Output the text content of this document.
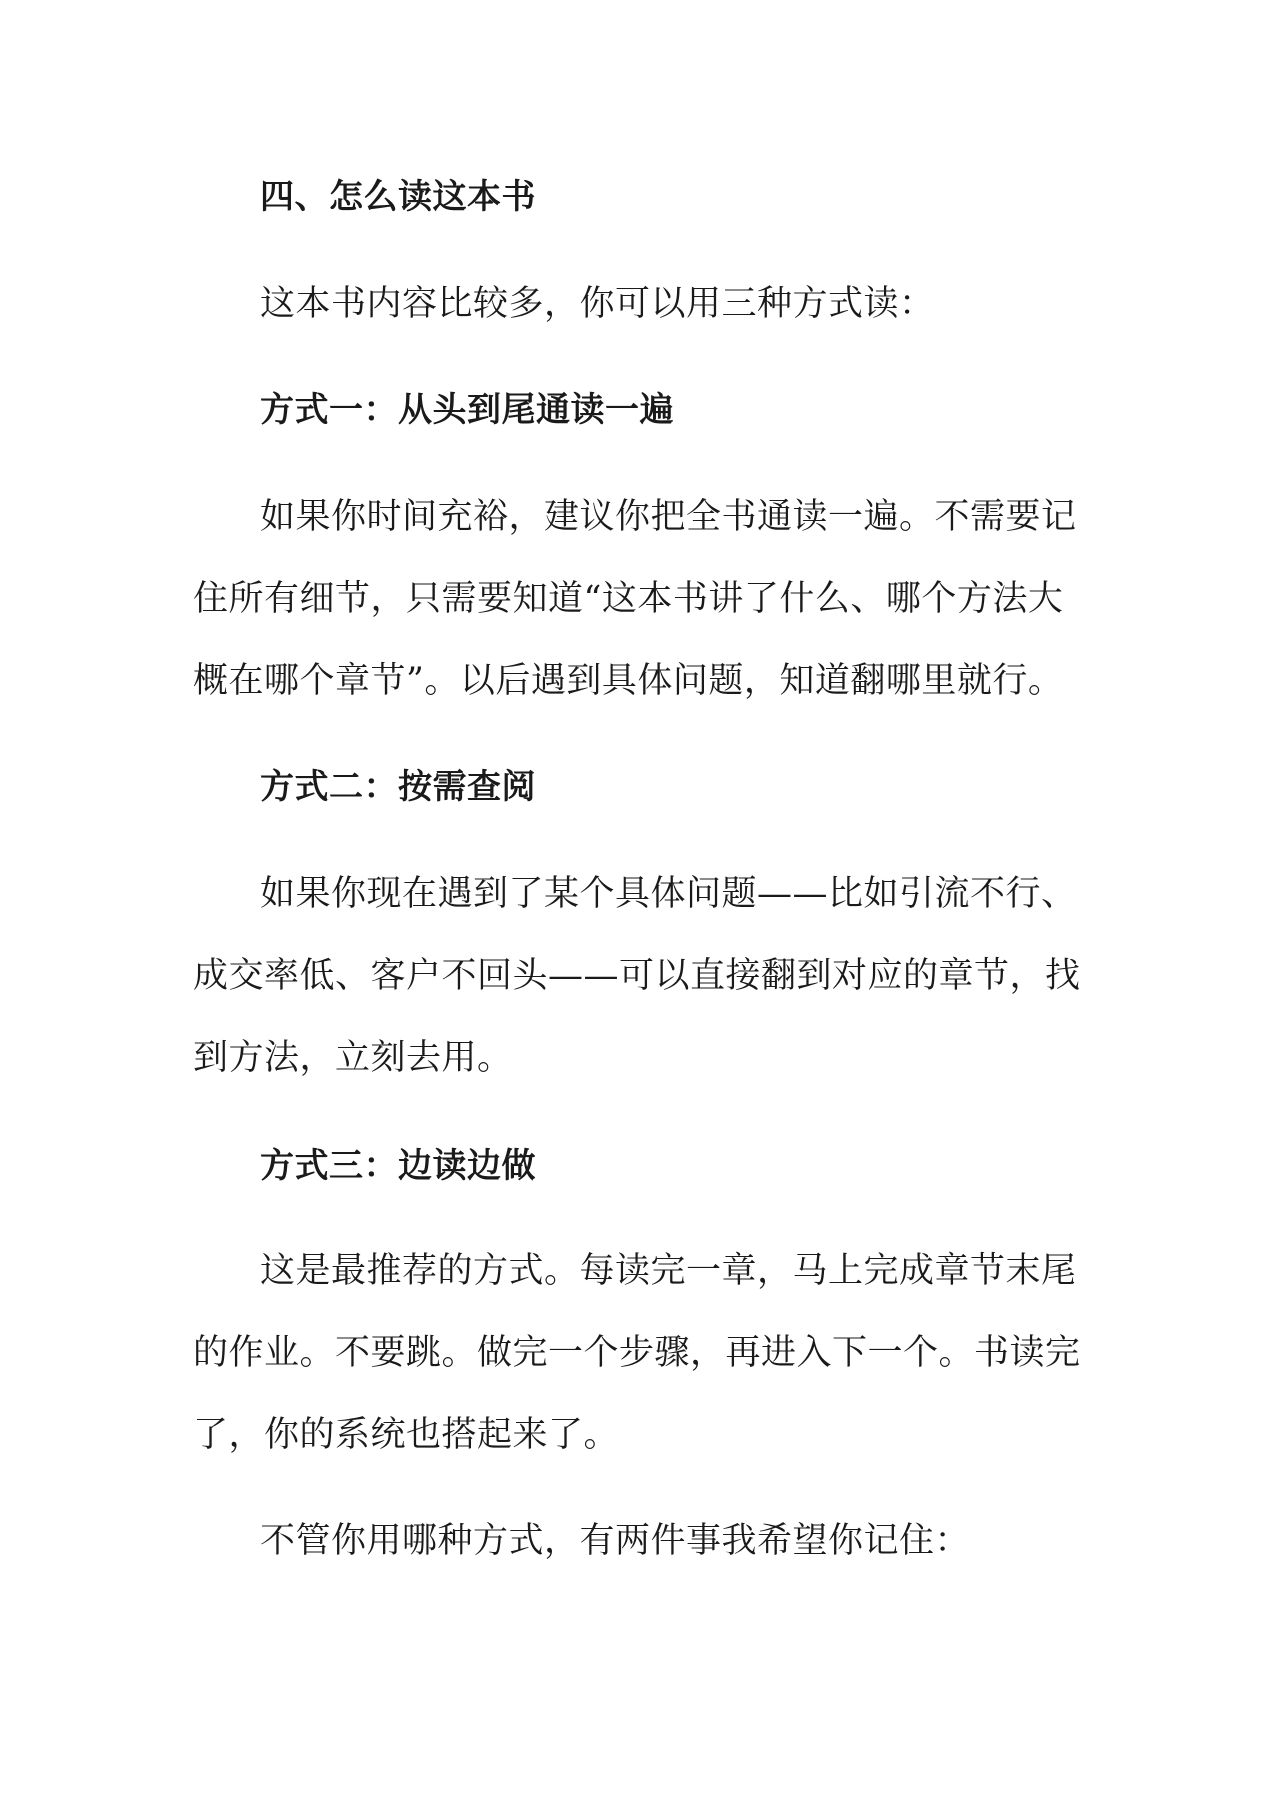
四、怎么读这本书

这本书内容比较多，你可以用三种方式读：

方式一：从头到尾通读一遍

如果你时间充裕，建议你把全书通读一遍。不需要记住所有细节，只需要知道“这本书讲了什么、哪个方法大概在哪个章节”。以后遇到具体问题，知道翻哪里就行。

方式二：按需查阅

如果你现在遇到了某个具体问题——比如引流不行、成交率低、客户不回头——可以直接翻到对应的章节，找到方法，立刻去用。

方式三：边读边做

这是最推荐的方式。每读完一章，马上完成章节末尾的作业。不要跳。做完一个步骤，再进入下一个。书读完了，你的系统也搭起来了。

不管你用哪种方式，有两件事我希望你记住：
